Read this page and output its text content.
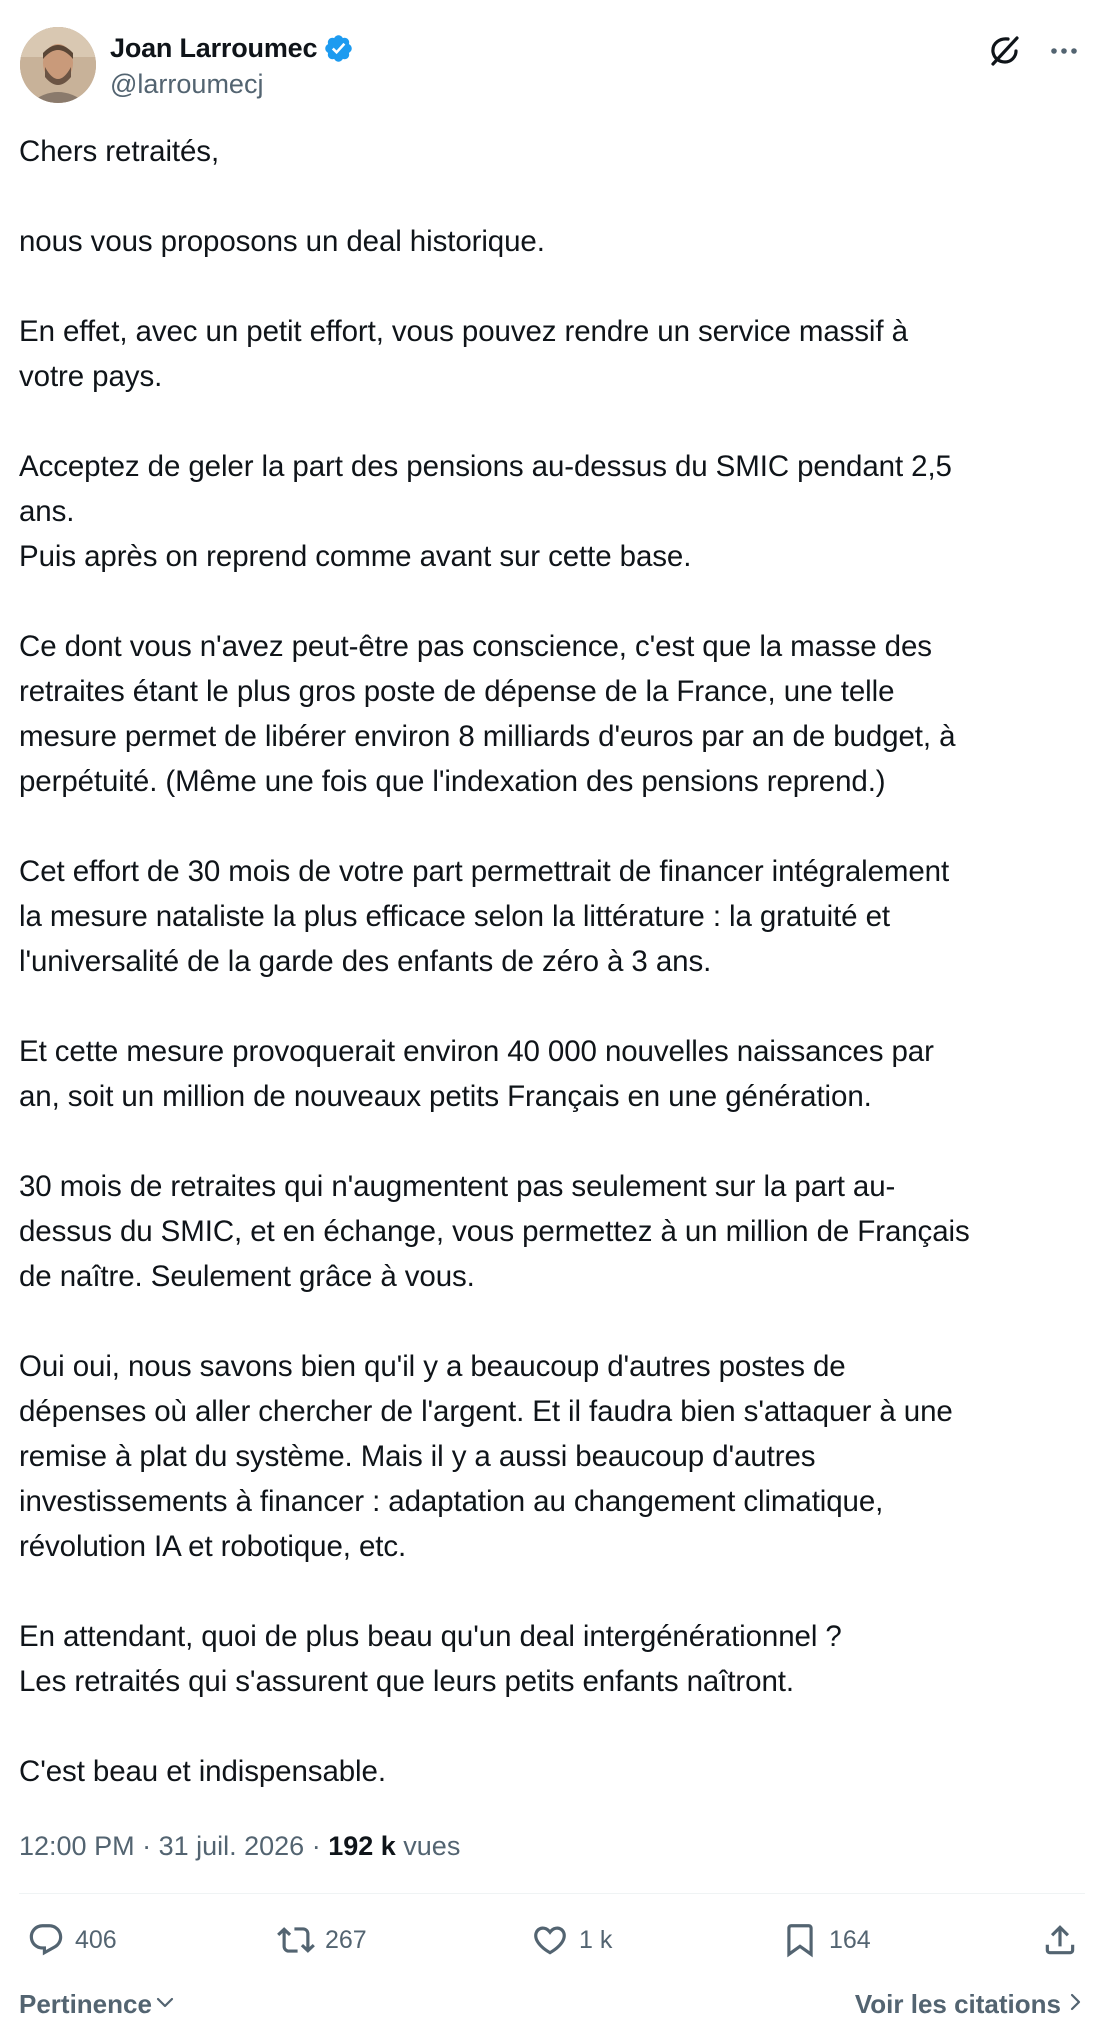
Joan Larroumec
@larroumecj

Chers retraités,

nous vous proposons un deal historique.

En effet, avec un petit effort, vous pouvez rendre un service massif à
votre pays.

Acceptez de geler la part des pensions au-dessus du SMIC pendant 2,5
ans.
Puis après on reprend comme avant sur cette base.

Ce dont vous n'avez peut-être pas conscience, c'est que la masse des
retraites étant le plus gros poste de dépense de la France, une telle
mesure permet de libérer environ 8 milliards d'euros par an de budget, à
perpétuité. (Même une fois que l'indexation des pensions reprend.)

Cet effort de 30 mois de votre part permettrait de financer intégralement
la mesure nataliste la plus efficace selon la littérature : la gratuité et
l'universalité de la garde des enfants de zéro à 3 ans.

Et cette mesure provoquerait environ 40 000 nouvelles naissances par
an, soit un million de nouveaux petits Français en une génération.

30 mois de retraites qui n'augmentent pas seulement sur la part au-
dessus du SMIC, et en échange, vous permettez à un million de Français
de naître. Seulement grâce à vous.

Oui oui, nous savons bien qu'il y a beaucoup d'autres postes de
dépenses où aller chercher de l'argent. Et il faudra bien s'attaquer à une
remise à plat du système. Mais il y a aussi beaucoup d'autres
investissements à financer : adaptation au changement climatique,
révolution IA et robotique, etc.

En attendant, quoi de plus beau qu'un deal intergénérationnel ?
Les retraités qui s'assurent que leurs petits enfants naîtront.

C'est beau et indispensable.

12:00 PM · 31 juil. 2026 · 192 k vues
406	267	1 k	164
Pertinence	Voir les citations
